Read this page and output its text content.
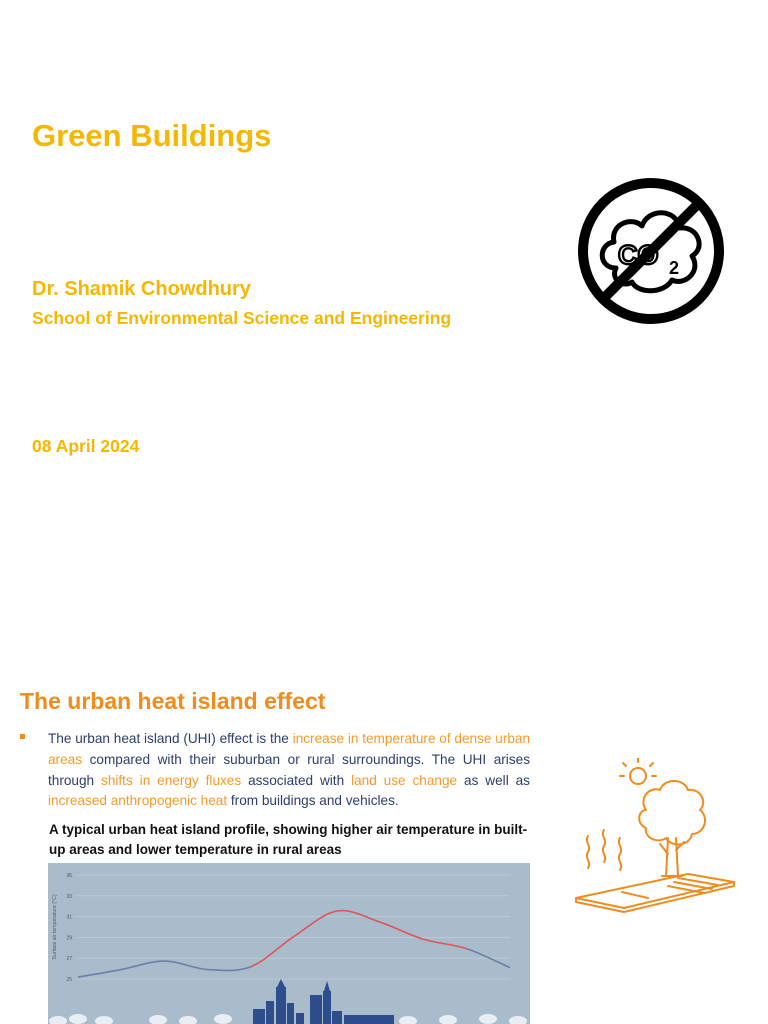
Green Buildings
Dr. Shamik Chowdhury
School of Environmental Science and Engineering
08 April 2024
CO 2
The urban heat island effect
The urban heat island (UHI) effect is the increase in temperature of dense urban areas compared with their suburban or rural surroundings. The UHI arises through shifts in energy fluxes associated with land use change as well as increased anthropogenic heat from buildings and vehicles.
A typical urban heat island profile, showing higher air temperature in built-up areas and lower temperature in rural areas
36
33
31
29
27
25
Surface air temperature (°C)
